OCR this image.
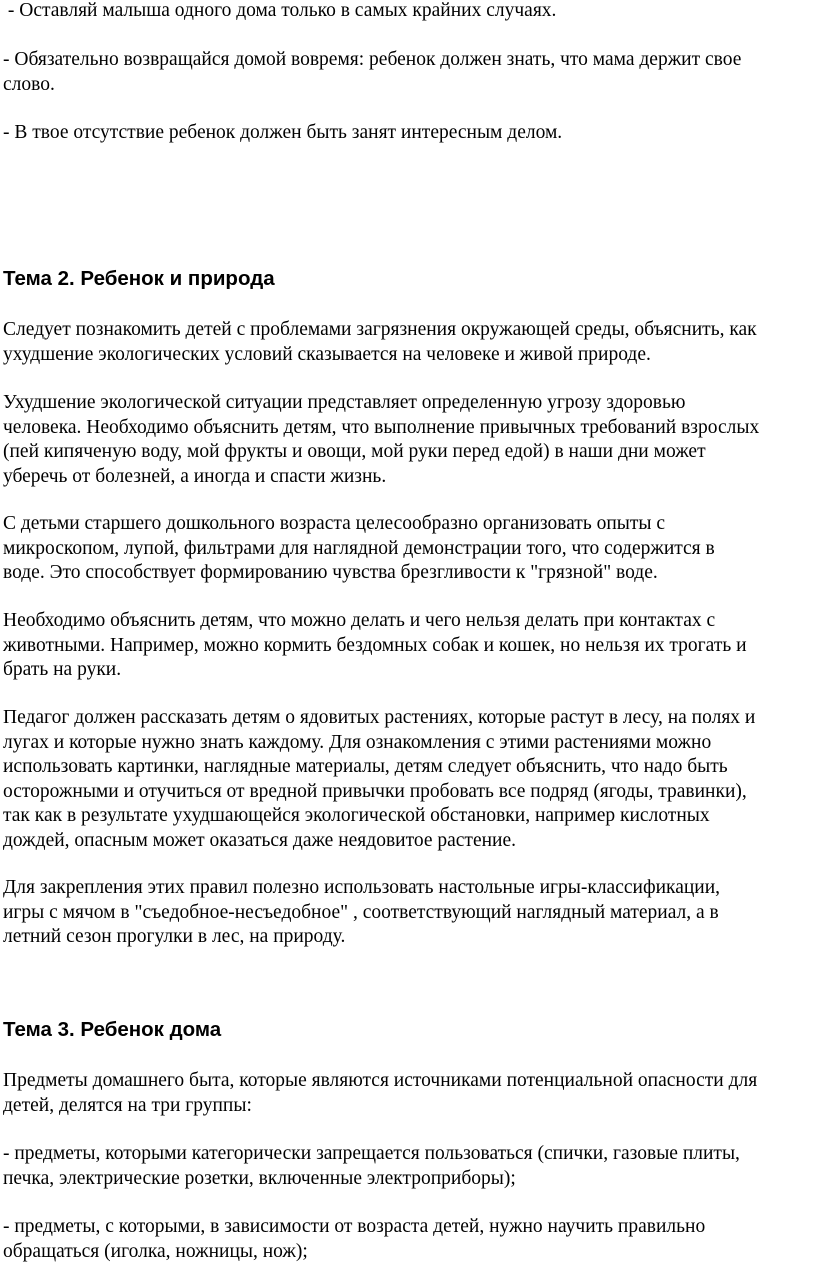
- Оставляй малыша одного дома только в самых крайних случаях.

- Обязательно возвращайся домой вовремя: ребенок должен знать, что мама держит свое
слово.

- В твое отсутствие ребенок должен быть занят интересным делом.

Тема 2. Ребенок и природа

Следует познакомить детей с проблемами загрязнения окружающей среды, объяснить, как
ухудшение экологических условий сказывается на человеке и живой природе.

Ухудшение экологической ситуации представляет определенную угрозу здоровью
человека. Необходимо объяснить детям, что выполнение привычных требований взрослых
(пей кипяченую воду, мой фрукты и овощи, мой руки перед едой) в наши дни может
уберечь от болезней, а иногда и спасти жизнь.

С детьми старшего дошкольного возраста целесообразно организовать опыты с
микроскопом, лупой, фильтрами для наглядной демонстрации того, что содержится в
воде. Это способствует формированию чувства брезгливости к "грязной" воде.

Необходимо объяснить детям, что можно делать и чего нельзя делать при контактах с
животными. Например, можно кормить бездомных собак и кошек, но нельзя их трогать и
брать на руки.

Педагог должен рассказать детям о ядовитых растениях, которые растут в лесу, на полях и
лугах и которые нужно знать каждому. Для ознакомления с этими растениями можно
использовать картинки, наглядные материалы, детям следует объяснить, что надо быть
осторожными и отучиться от вредной привычки пробовать все подряд (ягоды, травинки),
так как в результате ухудшающейся экологической обстановки, например кислотных
дождей, опасным может оказаться даже неядовитое растение.

Для закрепления этих правил полезно использовать настольные игры-классификации,
игры с мячом в "съедобное-несъедобное" , соответствующий наглядный материал, а в
летний сезон прогулки в лес, на природу.

Тема 3. Ребенок дома

Предметы домашнего быта, которые являются источниками потенциальной опасности для
детей, делятся на три группы:

- предметы, которыми категорически запрещается пользоваться (спички, газовые плиты,
печка, электрические розетки, включенные электроприборы);

- предметы, с которыми, в зависимости от возраста детей, нужно научить правильно
обращаться (иголка, ножницы, нож);
